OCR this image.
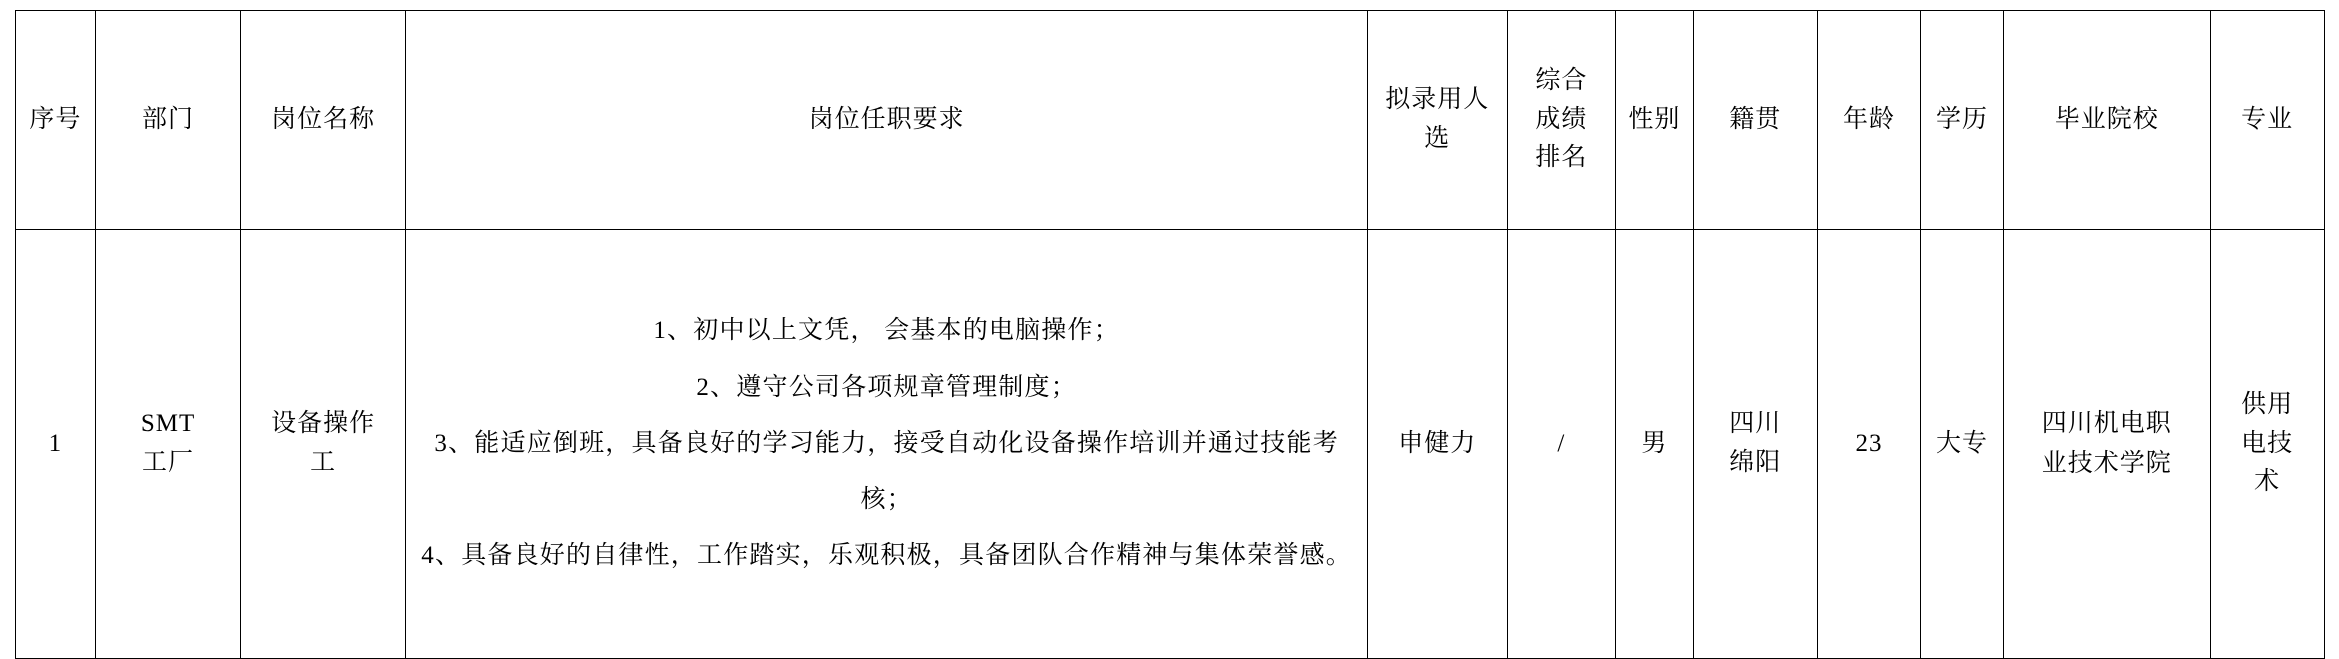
序号	部门	岗位名称	岗位任职要求	拟录用人选	综合成绩排名	性别	籍贯	年龄	学历	毕业院校	专业
1	SMT工厂	设备操作工	1、初中以上文凭， 会基本的电脑操作；
2、遵守公司各项规章管理制度；
3、能适应倒班，具备良好的学习能力，接受自动化设备操作培训并通过技能考核；
4、具备良好的自律性，工作踏实，乐观积极，具备团队合作精神与集体荣誉感。	申健力	/	男	四川绵阳	23	大专	四川机电职业技术学院	供用电技术
